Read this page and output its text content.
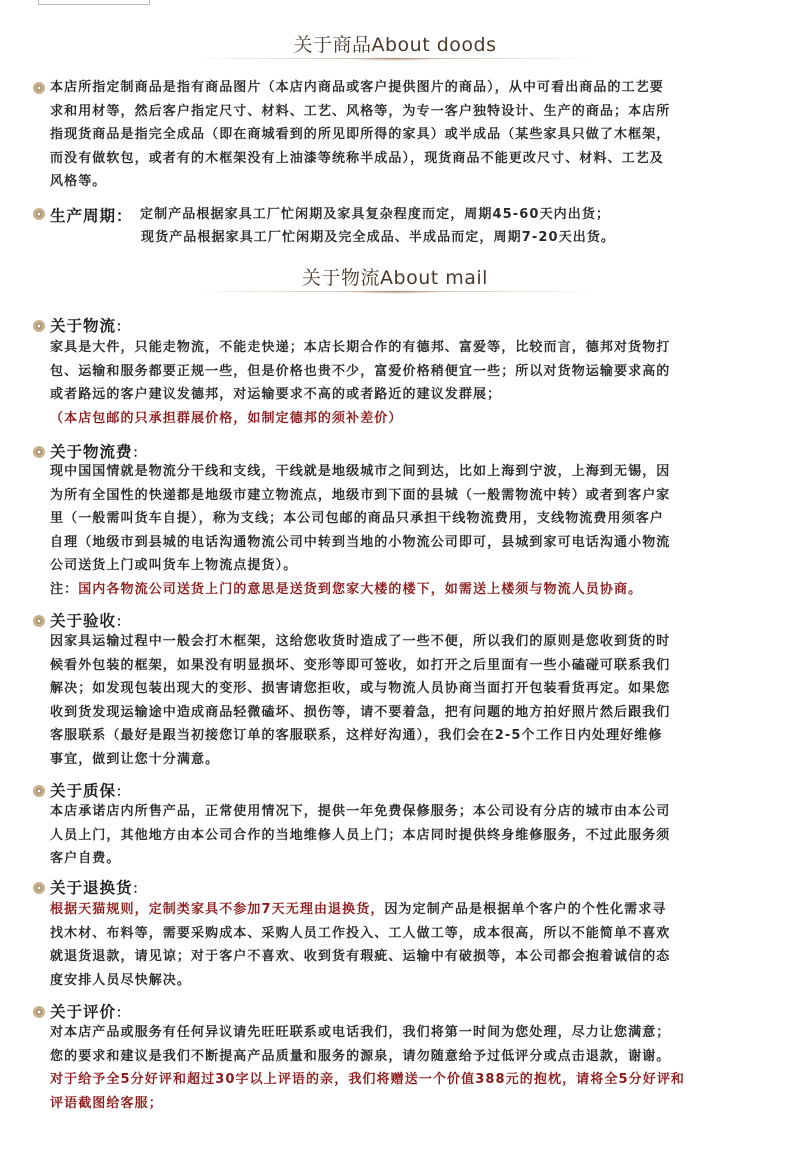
关于商品About doods
本店所指定制商品是指有商品图片（本店内商品或客户提供图片的商品），从中可看出商品的工艺要
求和用材等，然后客户指定尺寸、材料、工艺、风格等，为专一客户独特设计、生产的商品；本店所
指现货商品是指完全成品（即在商城看到的所见即所得的家具）或半成品（某些家具只做了木框架，
而没有做软包，或者有的木框架没有上油漆等统称半成品），现货商品不能更改尺寸、材料、工艺及
风格等。
生产周期： 定制产品根据家具工厂忙闲期及家具复杂程度而定，周期45-60天内出货；
现货产品根据家具工厂忙闲期及完全成品、半成品而定，周期7-20天出货。
关于物流About mail
关于物流：
家具是大件，只能走物流，不能走快递；本店长期合作的有德邦、富爱等，比较而言，德邦对货物打
包、运输和服务都要正规一些，但是价格也贵不少，富爱价格稍便宜一些；所以对货物运输要求高的
或者路远的客户建议发德邦，对运输要求不高的或者路近的建议发群展；
（本店包邮的只承担群展价格，如制定德邦的须补差价）
关于物流费：
现中国国情就是物流分干线和支线，干线就是地级城市之间到达，比如上海到宁波，上海到无锡，因
为所有全国性的快递都是地级市建立物流点，地级市到下面的县城（一般需物流中转）或者到客户家
里（一般需叫货车自提），称为支线；本公司包邮的商品只承担干线物流费用，支线物流费用须客户
自理（地级市到县城的电话沟通物流公司中转到当地的小物流公司即可，县城到家可电话沟通小物流
公司送货上门或叫货车上物流点提货）。
注：国内各物流公司送货上门的意思是送货到您家大楼的楼下，如需送上楼须与物流人员协商。
关于验收：
因家具运输过程中一般会打木框架，这给您收货时造成了一些不便，所以我们的原则是您收到货的时
候看外包装的框架，如果没有明显损坏、变形等即可签收，如打开之后里面有一些小磕碰可联系我们
解决；如发现包装出现大的变形、损害请您拒收，或与物流人员协商当面打开包装看货再定。如果您
收到货发现运输途中造成商品轻微磕坏、损伤等，请不要着急，把有问题的地方拍好照片然后跟我们
客服联系（最好是跟当初接您订单的客服联系，这样好沟通），我们会在2-5个工作日内处理好维修
事宜，做到让您十分满意。
关于质保：
本店承诺店内所售产品，正常使用情况下，提供一年免费保修服务；本公司设有分店的城市由本公司
人员上门，其他地方由本公司合作的当地维修人员上门；本店同时提供终身维修服务，不过此服务须
客户自费。
关于退换货：
根据天猫规则，定制类家具不参加7天无理由退换货，因为定制产品是根据单个客户的个性化需求寻
找木材、布料等，需要采购成本、采购人员工作投入、工人做工等，成本很高，所以不能简单不喜欢
就退货退款，请见谅；对于客户不喜欢、收到货有瑕疵、运输中有破损等，本公司都会抱着诚信的态
度安排人员尽快解决。
关于评价：
对本店产品或服务有任何异议请先旺旺联系或电话我们，我们将第一时间为您处理，尽力让您满意；
您的要求和建议是我们不断提高产品质量和服务的源泉，请勿随意给予过低评分或点击退款，谢谢。
对于给予全5分好评和超过30字以上评语的亲，我们将赠送一个价值388元的抱枕，请将全5分好评和
评语截图给客服；
